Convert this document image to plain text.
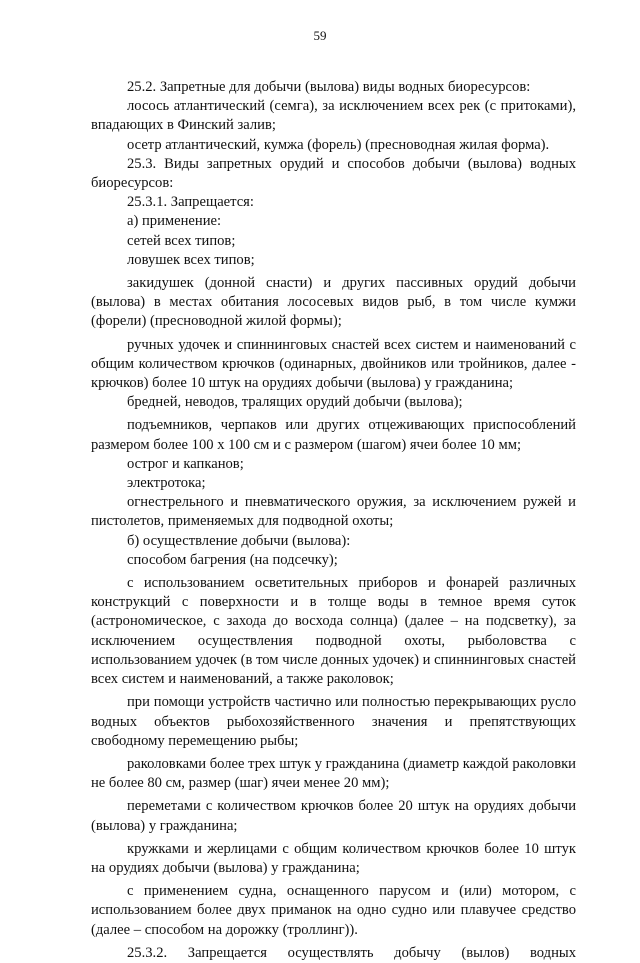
59

25.2. Запретные для добычи (вылова) виды водных биоресурсов:

лосось атлантический (семга), за исключением всех рек (с притоками), впадающих в Финский залив;

осетр атлантический, кумжа (форель) (пресноводная жилая форма).

25.3. Виды запретных орудий и способов добычи (вылова) водных биоресурсов:

25.3.1. Запрещается:

а) применение:

сетей всех типов;

ловушек всех типов;

закидушек (донной снасти) и других пассивных орудий добычи (вылова) в местах обитания лососевых видов рыб, в том числе кумжи (форели) (пресноводной жилой формы);

ручных удочек и спиннинговых снастей всех систем и наименований с общим количеством крючков (одинарных, двойников или тройников, далее - крючков) более 10 штук на орудиях добычи (вылова) у гражданина;

бредней, неводов, тралящих орудий добычи (вылова);

подъемников, черпаков или других отцеживающих приспособлений размером более 100 х 100 см и с размером (шагом) ячеи более 10 мм;

острог и капканов;

электротока;

огнестрельного и пневматического оружия, за исключением ружей и пистолетов, применяемых для подводной охоты;

б) осуществление добычи (вылова):

способом багрения (на подсечку);

с использованием осветительных приборов и фонарей различных конструкций с поверхности и в толще воды в темное время суток (астрономическое, с захода до восхода солнца) (далее – на подсветку), за исключением осуществления подводной охоты, рыболовства с использованием удочек (в том числе донных удочек) и спиннинговых снастей всех систем и наименований, а также раколовок;

при помощи устройств частично или полностью перекрывающих русло водных объектов рыбохозяйственного значения и препятствующих свободному перемещению рыбы;

раколовками более трех штук у гражданина (диаметр каждой раколовки не более 80 см, размер (шаг) ячеи менее 20 мм);

переметами с количеством крючков более 20 штук на орудиях добычи (вылова) у гражданина;

кружками и жерлицами с общим количеством крючков более 10 штук на орудиях добычи (вылова) у гражданина;

с применением судна, оснащенного парусом и (или) мотором, с использованием более двух приманок на одно судно или плавучее средство (далее – способом на дорожку (троллинг)).

25.3.2. Запрещается осуществлять добычу (вылов) водных
